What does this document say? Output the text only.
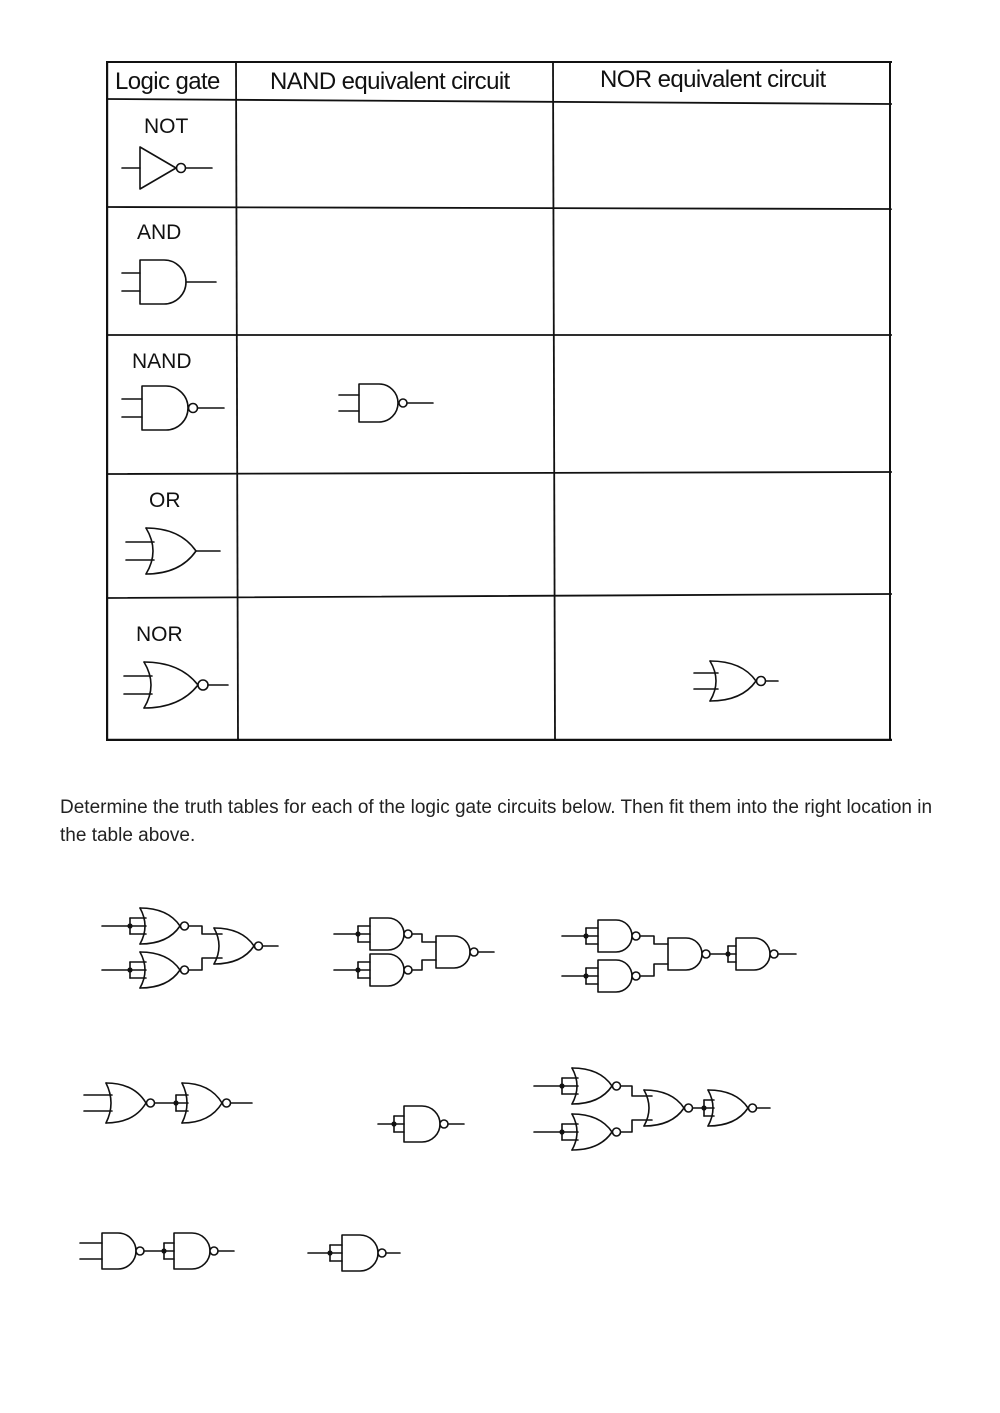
Logic gate NAND equivalent circuit	NOR equivalent circuit
NOT
AND
NAND
OR
NOR
Determine the truth tables for each of the logic gate circuits below. Then fit them into the right location in the table above.
